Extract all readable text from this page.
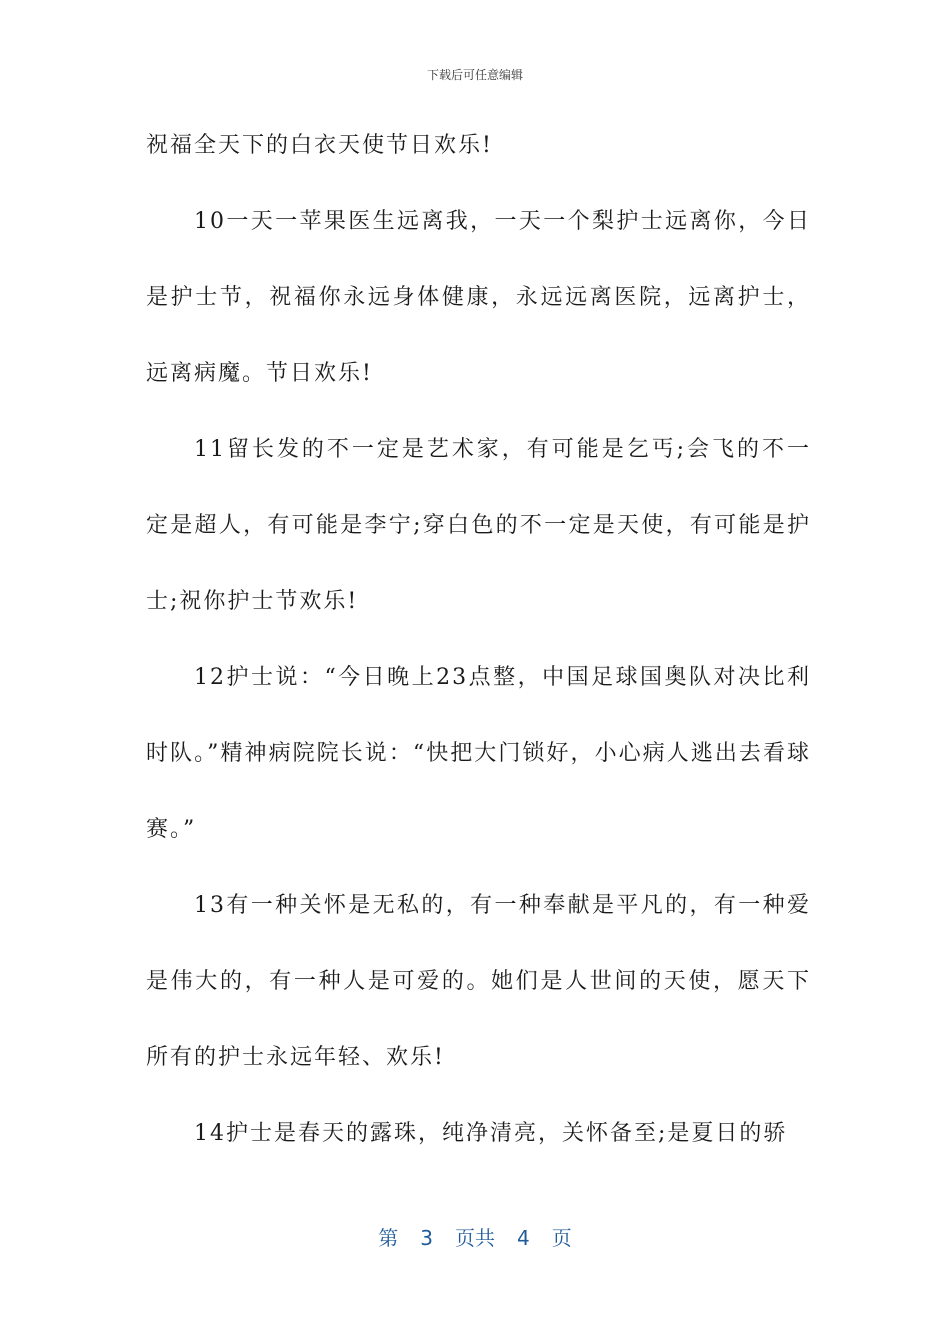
下载后可任意编辑

祝福全天下的白衣天使节日欢乐!

10一天一苹果医生远离我，一天一个梨护士远离你，今日是护士节，祝福你永远身体健康，永远远离医院，远离护士，远离病魔。节日欢乐!

11留长发的不一定是艺术家，有可能是乞丐;会飞的不一定是超人，有可能是李宁;穿白色的不一定是天使，有可能是护士;祝你护士节欢乐!

12护士说：“今日晚上23点整，中国足球国奥队对决比利时队。”精神病院院长说：“快把大门锁好，小心病人逃出去看球赛。”

13有一种关怀是无私的，有一种奉献是平凡的，有一种爱是伟大的，有一种人是可爱的。她们是人世间的天使，愿天下所有的护士永远年轻、欢乐!

14护士是春天的露珠，纯净清亮，关怀备至;是夏日的骄

第 3 页共 4 页
